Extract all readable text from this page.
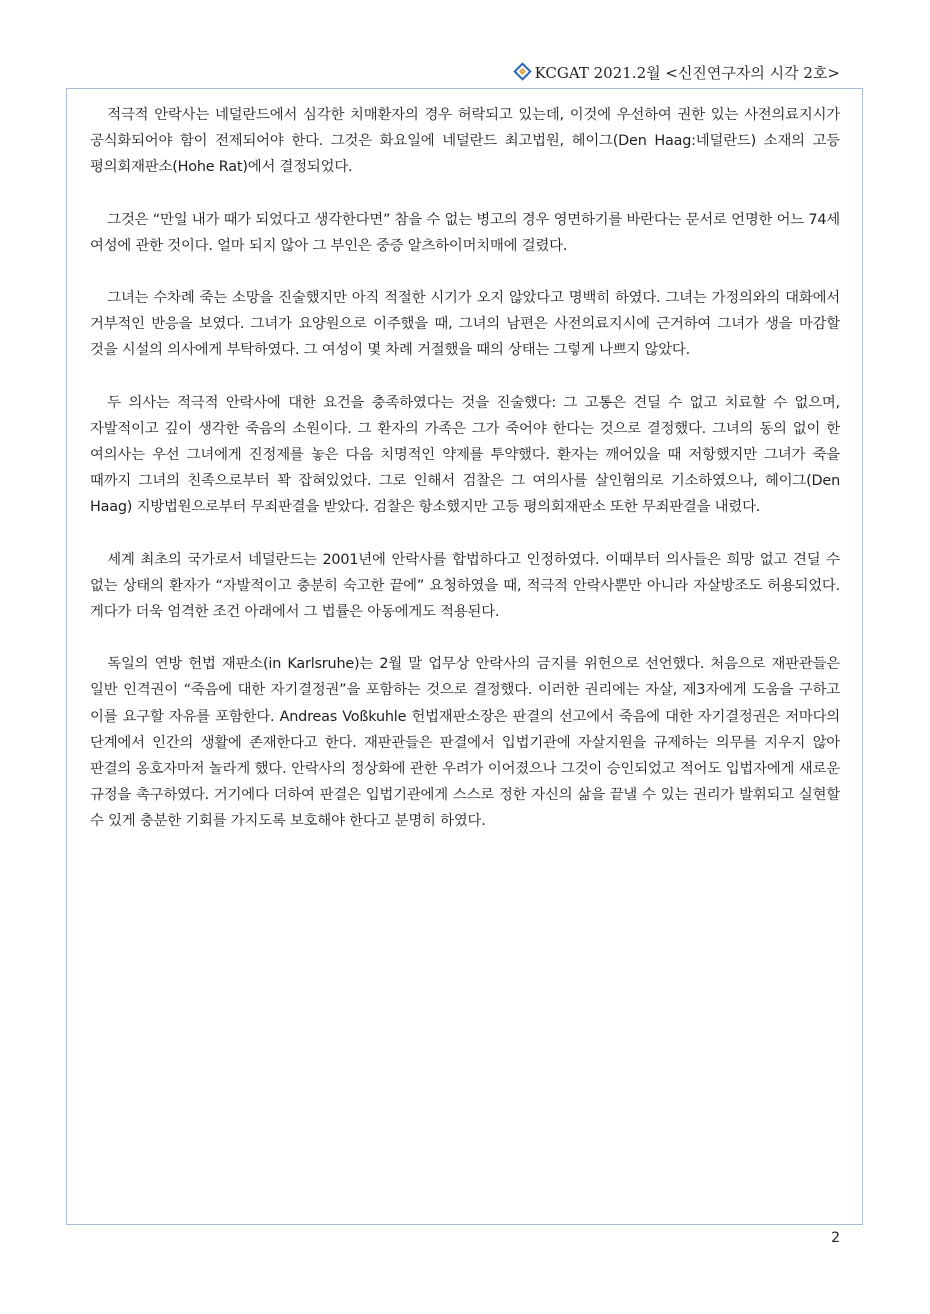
KCGAT 2021.2월 <신진연구자의 시각 2호>

적극적 안락사는 네덜란드에서 심각한 치매환자의 경우 허락되고 있는데, 이것에 우선하여 권한 있는 사전의료지시가 공식화되어야 함이 전제되어야 한다. 그것은 화요일에 네덜란드 최고법원, 헤이그(Den Haag:네덜란드) 소재의 고등 평의회재판소(Hohe Rat)에서 결정되었다.

그것은 “만일 내가 때가 되었다고 생각한다면” 참을 수 없는 병고의 경우 영면하기를 바란다는 문서로 언명한 어느 74세 여성에 관한 것이다. 얼마 되지 않아 그 부인은 중증 알츠하이머치매에 걸렸다.

그녀는 수차례 죽는 소망을 진술했지만 아직 적절한 시기가 오지 않았다고 명백히 하였다. 그녀는 가정의와의 대화에서 거부적인 반응을 보였다. 그녀가 요양원으로 이주했을 때, 그녀의 남편은 사전의료지시에 근거하여 그녀가 생을 마감할 것을 시설의 의사에게 부탁하였다. 그 여성이 몇 차례 거절했을 때의 상태는 그렇게 나쁘지 않았다.

두 의사는 적극적 안락사에 대한 요건을 충족하였다는 것을 진술했다: 그 고통은 견딜 수 없고 치료할 수 없으며, 자발적이고 깊이 생각한 죽음의 소원이다. 그 환자의 가족은 그가 죽어야 한다는 것으로 결정했다. 그녀의 동의 없이 한 여의사는 우선 그녀에게 진정제를 놓은 다음 치명적인 약제를 투약했다. 환자는 깨어있을 때 저항했지만 그녀가 죽을 때까지 그녀의 친족으로부터 꽉 잡혀있었다. 그로 인해서 검찰은 그 여의사를 살인혐의로 기소하였으나, 헤이그(Den Haag) 지방법원으로부터 무죄판결을 받았다. 검찰은 항소했지만 고등 평의회재판소 또한 무죄판결을 내렸다.

세계 최초의 국가로서 네덜란드는 2001년에 안락사를 합법하다고 인정하였다. 이때부터 의사들은 희망 없고 견딜 수 없는 상태의 환자가 “자발적이고 충분히 숙고한 끝에” 요청하였을 때, 적극적 안락사뿐만 아니라 자살방조도 허용되었다. 게다가 더욱 엄격한 조건 아래에서 그 법률은 아동에게도 적용된다.

독일의 연방 헌법 재판소(in Karlsruhe)는 2월 말 업무상 안락사의 금지를 위헌으로 선언했다. 처음으로 재판관들은 일반 인격권이 “죽음에 대한 자기결정권”을 포함하는 것으로 결정했다. 이러한 권리에는 자살, 제3자에게 도움을 구하고 이를 요구할 자유를 포함한다. Andreas Voßkuhle 헌법재판소장은 판결의 선고에서 죽음에 대한 자기결정권은 저마다의 단계에서 인간의 생활에 존재한다고 한다. 재판관들은 판결에서 입법기관에 자살지원을 규제하는 의무를 지우지 않아 판결의 옹호자마저 놀라게 했다. 안락사의 정상화에 관한 우려가 이어졌으나 그것이 승인되었고 적어도 입법자에게 새로운 규정을 촉구하였다. 거기에다 더하여 판결은 입법기관에게 스스로 정한 자신의 삶을 끝낼 수 있는 권리가 발휘되고 실현할 수 있게 충분한 기회를 가지도록 보호해야 한다고 분명히 하였다.

2
